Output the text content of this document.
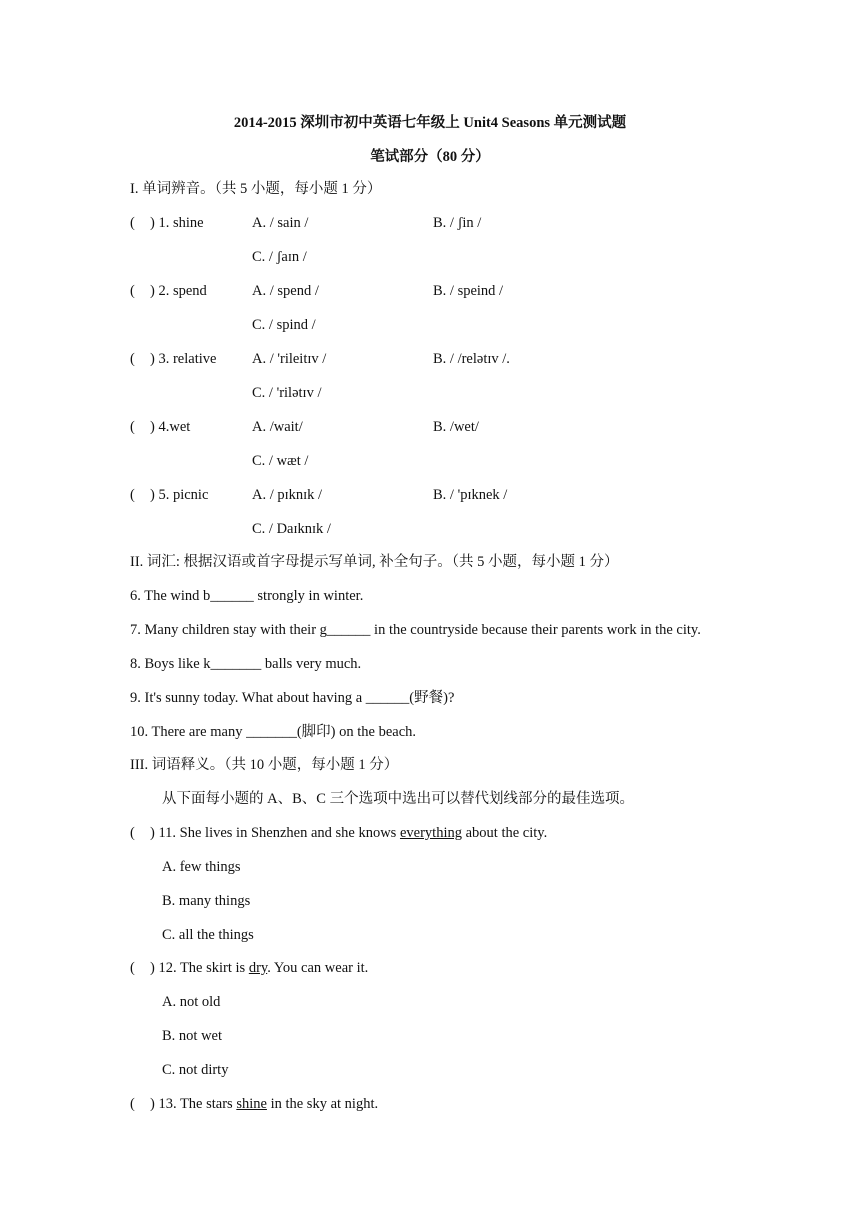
2014-2015 深圳市初中英语七年级上 Unit4 Seasons 单元测试题
笔试部分（80 分）
I. 单词辨音。（共 5 小题，每小题 1 分）
(	) 1. shine	A. / sain /	B. / ʃin /
C. / ʃaɪn /
( ) 2. spend	A. / spend /	B. / speind /
C. / spind /
( ) 3. relative A. / 'rileitɪv /	B. / /relətɪv /.
C. / 'rilətɪv /
( ) 4.wet	A. /wait/	B. /wet/
C. / wæt /
( ) 5. picnic	A. / pɪknɪk /	B. / 'pɪknek /
C. / Daɪknɪk /
II. 词汇: 根据汉语或首字母提示写单词, 补全句子。（共 5 小题，每小题 1 分）
6. The wind b______ strongly in winter.
7. Many children stay with their g______ in the countryside because their parents work in the city.
8. Boys like k_______ balls very much.
9. It's sunny today. What about having a ______(野餐)?
10. There are many _______(脚印) on the beach.
III. 词语释义。（共 10 小题，每小题 1 分）
从下面每小题的 A、B、C 三个选项中选出可以替代划线部分的最佳选项。
( ) 11. She lives in Shenzhen and she knows everything about the city.
A. few things
B. many things
C. all the things
( ) 12. The skirt is dry. You can wear it.
A. not old
B. not wet
C. not dirty
( ) 13. The stars shine in the sky at night.
